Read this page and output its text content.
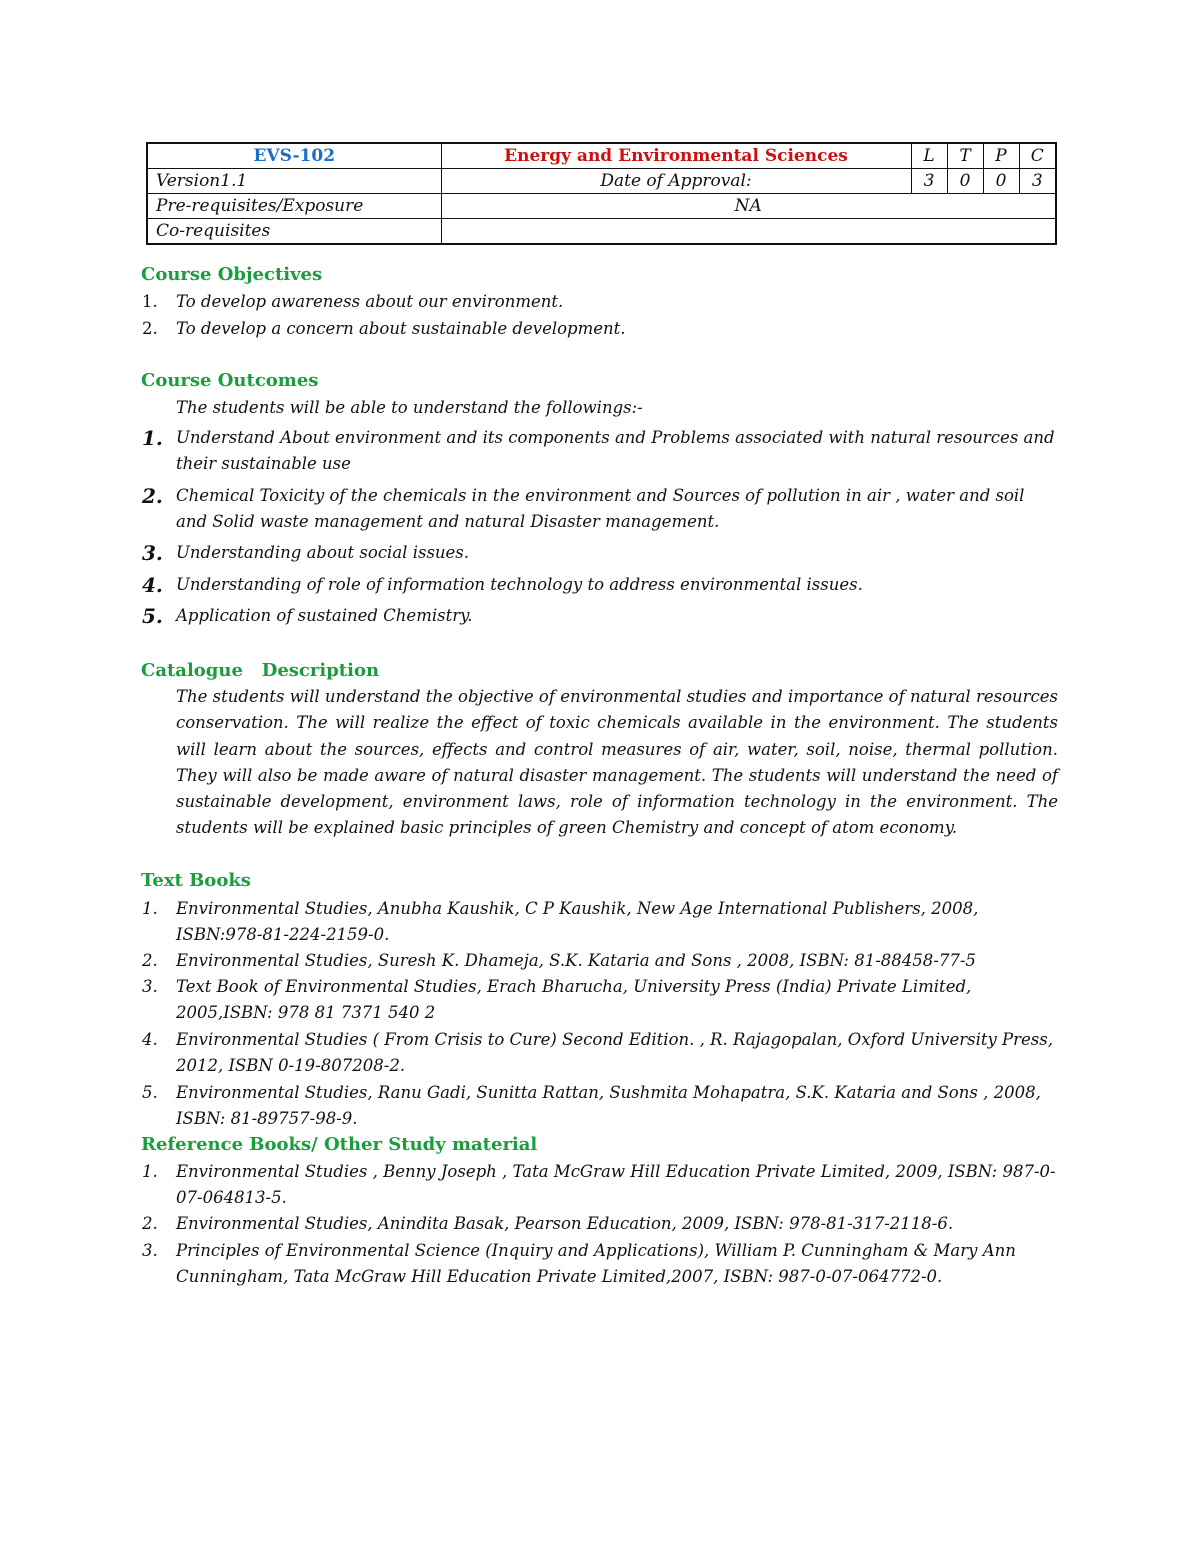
EVS-102	Energy and Environmental Sciences	L	T	P	C
Version1.1	Date of Approval:	3	0	0	3
Pre-requisites/Exposure	NA				
Co-requisites					
Course Objectives
1. To develop awareness about our environment.
2. To develop a concern about sustainable development.
Course Outcomes
The students will be able to understand the followings:-
1. Understand About environment and its components and Problems associated with natural resources and their sustainable use
2. Chemical Toxicity of the chemicals in the environment and Sources of pollution in air , water and soil and Solid waste management and natural Disaster management.
3. Understanding about social issues.
4. Understanding of role of information technology to address environmental issues.
5. Application of sustained Chemistry.
Catalogue   Description
The students will understand the objective of environmental studies and importance of natural resources conservation. The will realize the effect of toxic chemicals available in the environment. The students will learn about the sources, effects and control measures of air, water, soil, noise, thermal pollution. They will also be made aware of natural disaster management. The students will understand the need of sustainable development, environment laws, role of information technology in the environment. The students will be explained basic principles of green Chemistry and concept of atom economy.
Text Books
1. Environmental Studies, Anubha Kaushik, C P Kaushik, New Age International Publishers, 2008, ISBN:978-81-224-2159-0.
2. Environmental Studies, Suresh K. Dhameja, S.K. Kataria and Sons , 2008, ISBN: 81-88458-77-5
3. Text Book of Environmental Studies, Erach Bharucha, University Press (India) Private Limited, 2005,ISBN: 978 81 7371 540 2
4. Environmental Studies ( From Crisis to Cure) Second Edition. , R. Rajagopalan, Oxford University Press, 2012, ISBN 0-19-807208-2.
5. Environmental Studies, Ranu Gadi, Sunitta Rattan, Sushmita Mohapatra, S.K. Kataria and Sons , 2008, ISBN: 81-89757-98-9.
Reference Books/ Other Study material
1. Environmental Studies , Benny Joseph , Tata McGraw Hill Education Private Limited, 2009, ISBN: 987-0-07-064813-5.
2. Environmental Studies, Anindita Basak, Pearson Education, 2009, ISBN: 978-81-317-2118-6.
3. Principles of Environmental Science (Inquiry and Applications), William P. Cunningham & Mary Ann Cunningham, Tata McGraw Hill Education Private Limited,2007, ISBN: 987-0-07-064772-0.
